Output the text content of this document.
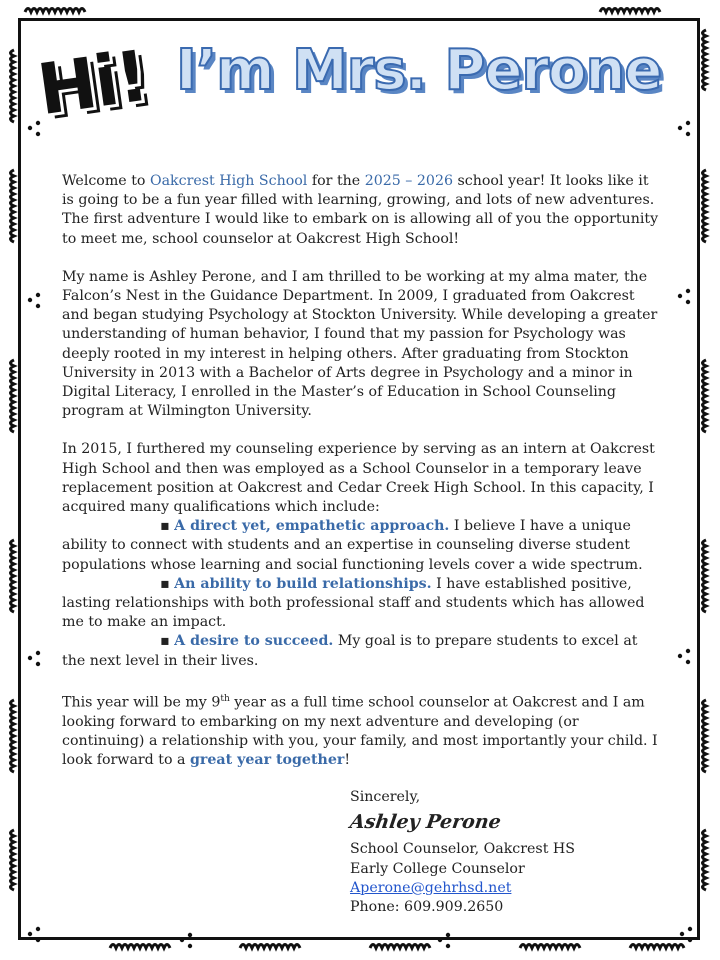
Hi! I’m Mrs. Perone

Welcome to Oakcrest High School for the 2025 – 2026 school year! It looks like it is going to be a fun year filled with learning, growing, and lots of new adventures. The first adventure I would like to embark on is allowing all of you the opportunity to meet me, school counselor at Oakcrest High School!

My name is Ashley Perone, and I am thrilled to be working at my alma mater, the Falcon’s Nest in the Guidance Department. In 2009, I graduated from Oakcrest and began studying Psychology at Stockton University. While developing a greater understanding of human behavior, I found that my passion for Psychology was deeply rooted in my interest in helping others. After graduating from Stockton University in 2013 with a Bachelor of Arts degree in Psychology and a minor in Digital Literacy, I enrolled in the Master’s of Education in School Counseling program at Wilmington University.

In 2015, I furthered my counseling experience by serving as an intern at Oakcrest High School and then was employed as a School Counselor in a temporary leave replacement position at Oakcrest and Cedar Creek High School. In this capacity, I acquired many qualifications which include:
▪ A direct yet, empathetic approach. I believe I have a unique ability to connect with students and an expertise in counseling diverse student populations whose learning and social functioning levels cover a wide spectrum.
▪ An ability to build relationships. I have established positive, lasting relationships with both professional staff and students which has allowed me to make an impact.
▪ A desire to succeed. My goal is to prepare students to excel at the next level in their lives.

This year will be my 9th year as a full time school counselor at Oakcrest and I am looking forward to embarking on my next adventure and developing (or continuing) a relationship with you, your family, and most importantly your child. I look forward to a great year together!

Sincerely,
Ashley Perone
School Counselor, Oakcrest HS
Early College Counselor
Aperone@gehrhsd.net
Phone: 609.909.2650
